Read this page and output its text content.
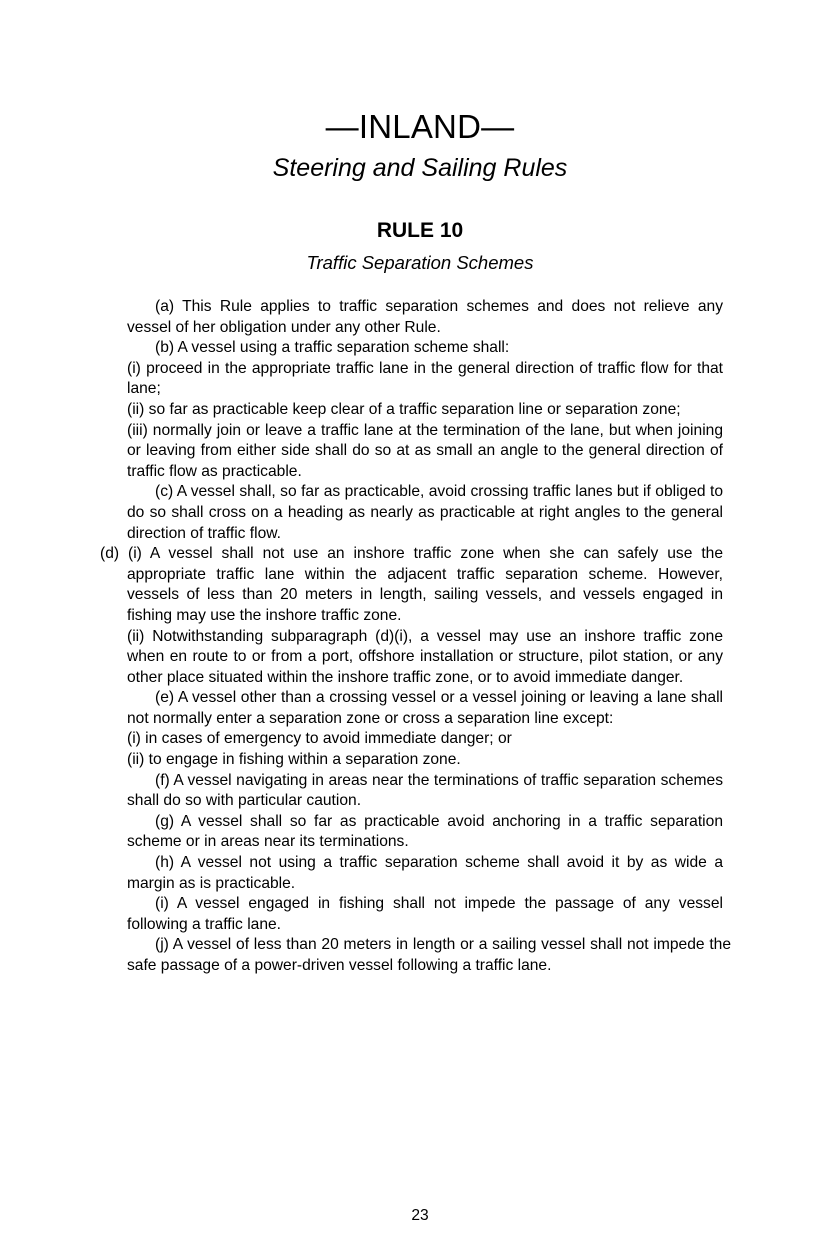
—INLAND—
Steering and Sailing Rules
RULE 10
Traffic Separation Schemes

(a) This Rule applies to traffic separation schemes and does not relieve any vessel of her obligation under any other Rule.

(b) A vessel using a traffic separation scheme shall:

(i) proceed in the appropriate traffic lane in the general direction of traffic flow for that lane;

(ii) so far as practicable keep clear of a traffic separation line or separation zone;

(iii) normally join or leave a traffic lane at the termination of the lane, but when joining or leaving from either side shall do so at as small an angle to the general direction of traffic flow as practicable.

(c) A vessel shall, so far as practicable, avoid crossing traffic lanes but if obliged to do so shall cross on a heading as nearly as practicable at right angles to the general direction of traffic flow.

(d) (i) A vessel shall not use an inshore traffic zone when she can safely use the appropriate traffic lane within the adjacent traffic separation scheme. However, vessels of less than 20 meters in length, sailing vessels, and vessels engaged in fishing may use the inshore traffic zone.

(ii) Notwithstanding subparagraph (d)(i), a vessel may use an inshore traffic zone when en route to or from a port, offshore installation or structure, pilot station, or any other place situated within the inshore traffic zone, or to avoid immediate danger.

(e) A vessel other than a crossing vessel or a vessel joining or leaving a lane shall not normally enter a separation zone or cross a separation line except:

(i) in cases of emergency to avoid immediate danger; or

(ii) to engage in fishing within a separation zone.

(f) A vessel navigating in areas near the terminations of traffic separation schemes shall do so with particular caution.

(g) A vessel shall so far as practicable avoid anchoring in a traffic separation scheme or in areas near its terminations.

(h) A vessel not using a traffic separation scheme shall avoid it by as wide a margin as is practicable.

(i) A vessel engaged in fishing shall not impede the passage of any vessel following a traffic lane.

(j) A vessel of less than 20 meters in length or a sailing vessel shall not impede the safe passage of a power-driven vessel following a traffic lane.

23
